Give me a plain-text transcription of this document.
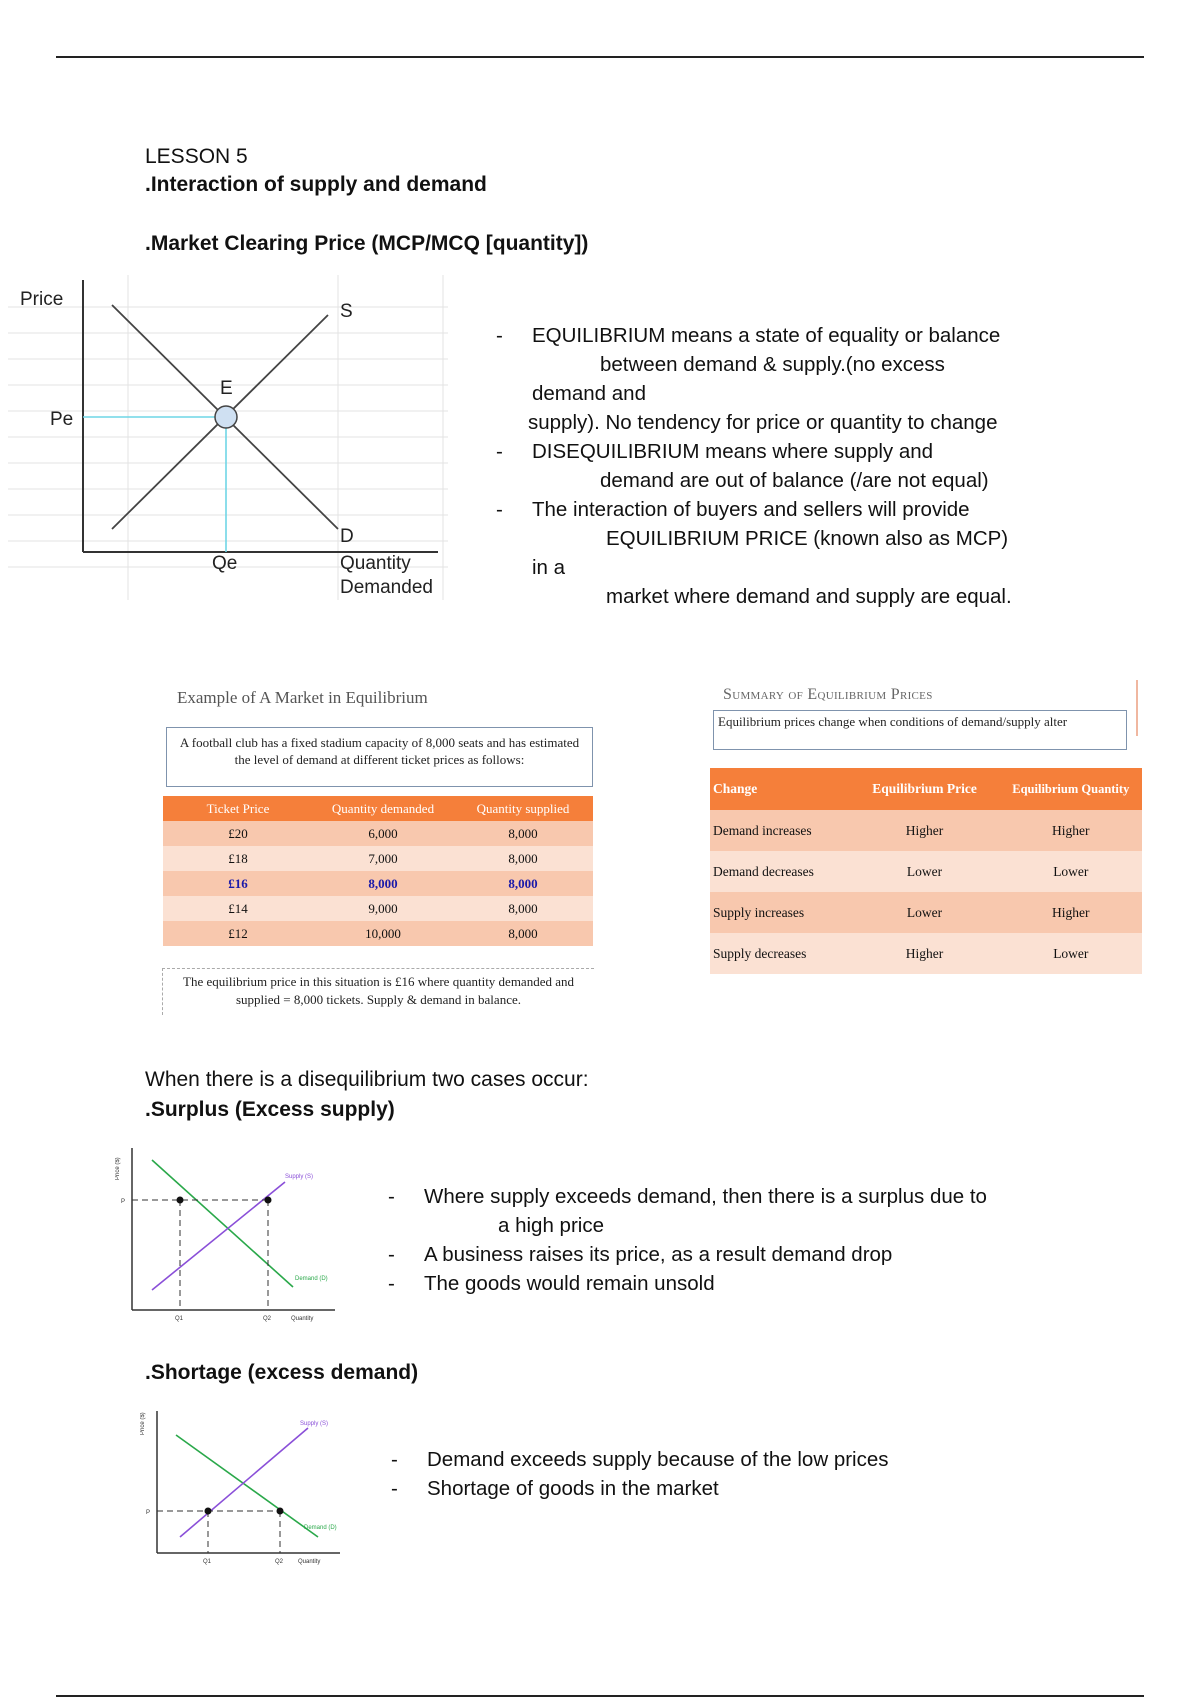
LESSON 5
.Interaction of supply and demand
.Market Clearing Price (MCP/MCQ [quantity])
Price
Pe
E
S
D
Qe	Quantity
Demanded
-	EQUILIBRIUM means a state of equality or balance
between demand & supply.(no excess
demand and
supply). No tendency for price or quantity to change
-	DISEQUILIBRIUM means where supply and
demand are out of balance (/are not equal)
-	The interaction of buyers and sellers will provide
EQUILIBRIUM PRICE (known also as MCP)
in a
market where demand and supply are equal.
Example of A Market in Equilibrium
A football club has a fixed stadium capacity of 8,000 seats and has estimated the level of demand at different ticket prices as follows:
Ticket Price	Quantity demanded	Quantity supplied
£20	6,000	8,000
£18	7,000	8,000
£16	8,000	8,000
£14	9,000	8,000
£12	10,000	8,000
The equilibrium price in this situation is £16 where quantity demanded and supplied = 8,000 tickets. Supply & demand in balance.
Summary of Equilibrium Prices
Equilibrium prices change when conditions of demand/supply alter
Change	Equilibrium Price	Equilibrium Quantity
Demand increases	Higher	Higher
Demand decreases	Lower	Lower
Supply increases	Lower	Higher
Supply decreases	Higher	Lower
When there is a disequilibrium two cases occur:
.Surplus (Excess supply)
Price ($)
P
Q1	Q2
Supply (S)
Demand (D)
Quantity
-	Where supply exceeds demand, then there is a surplus due to
a high price
-	A business raises its price, as a result demand drop
-	The goods would remain unsold
.Shortage (excess demand)
Price ($)
P
Q1	Q2
Supply (S)
Demand (D)
Quantity
-	Demand exceeds supply because of the low prices
-	Shortage of goods in the market
